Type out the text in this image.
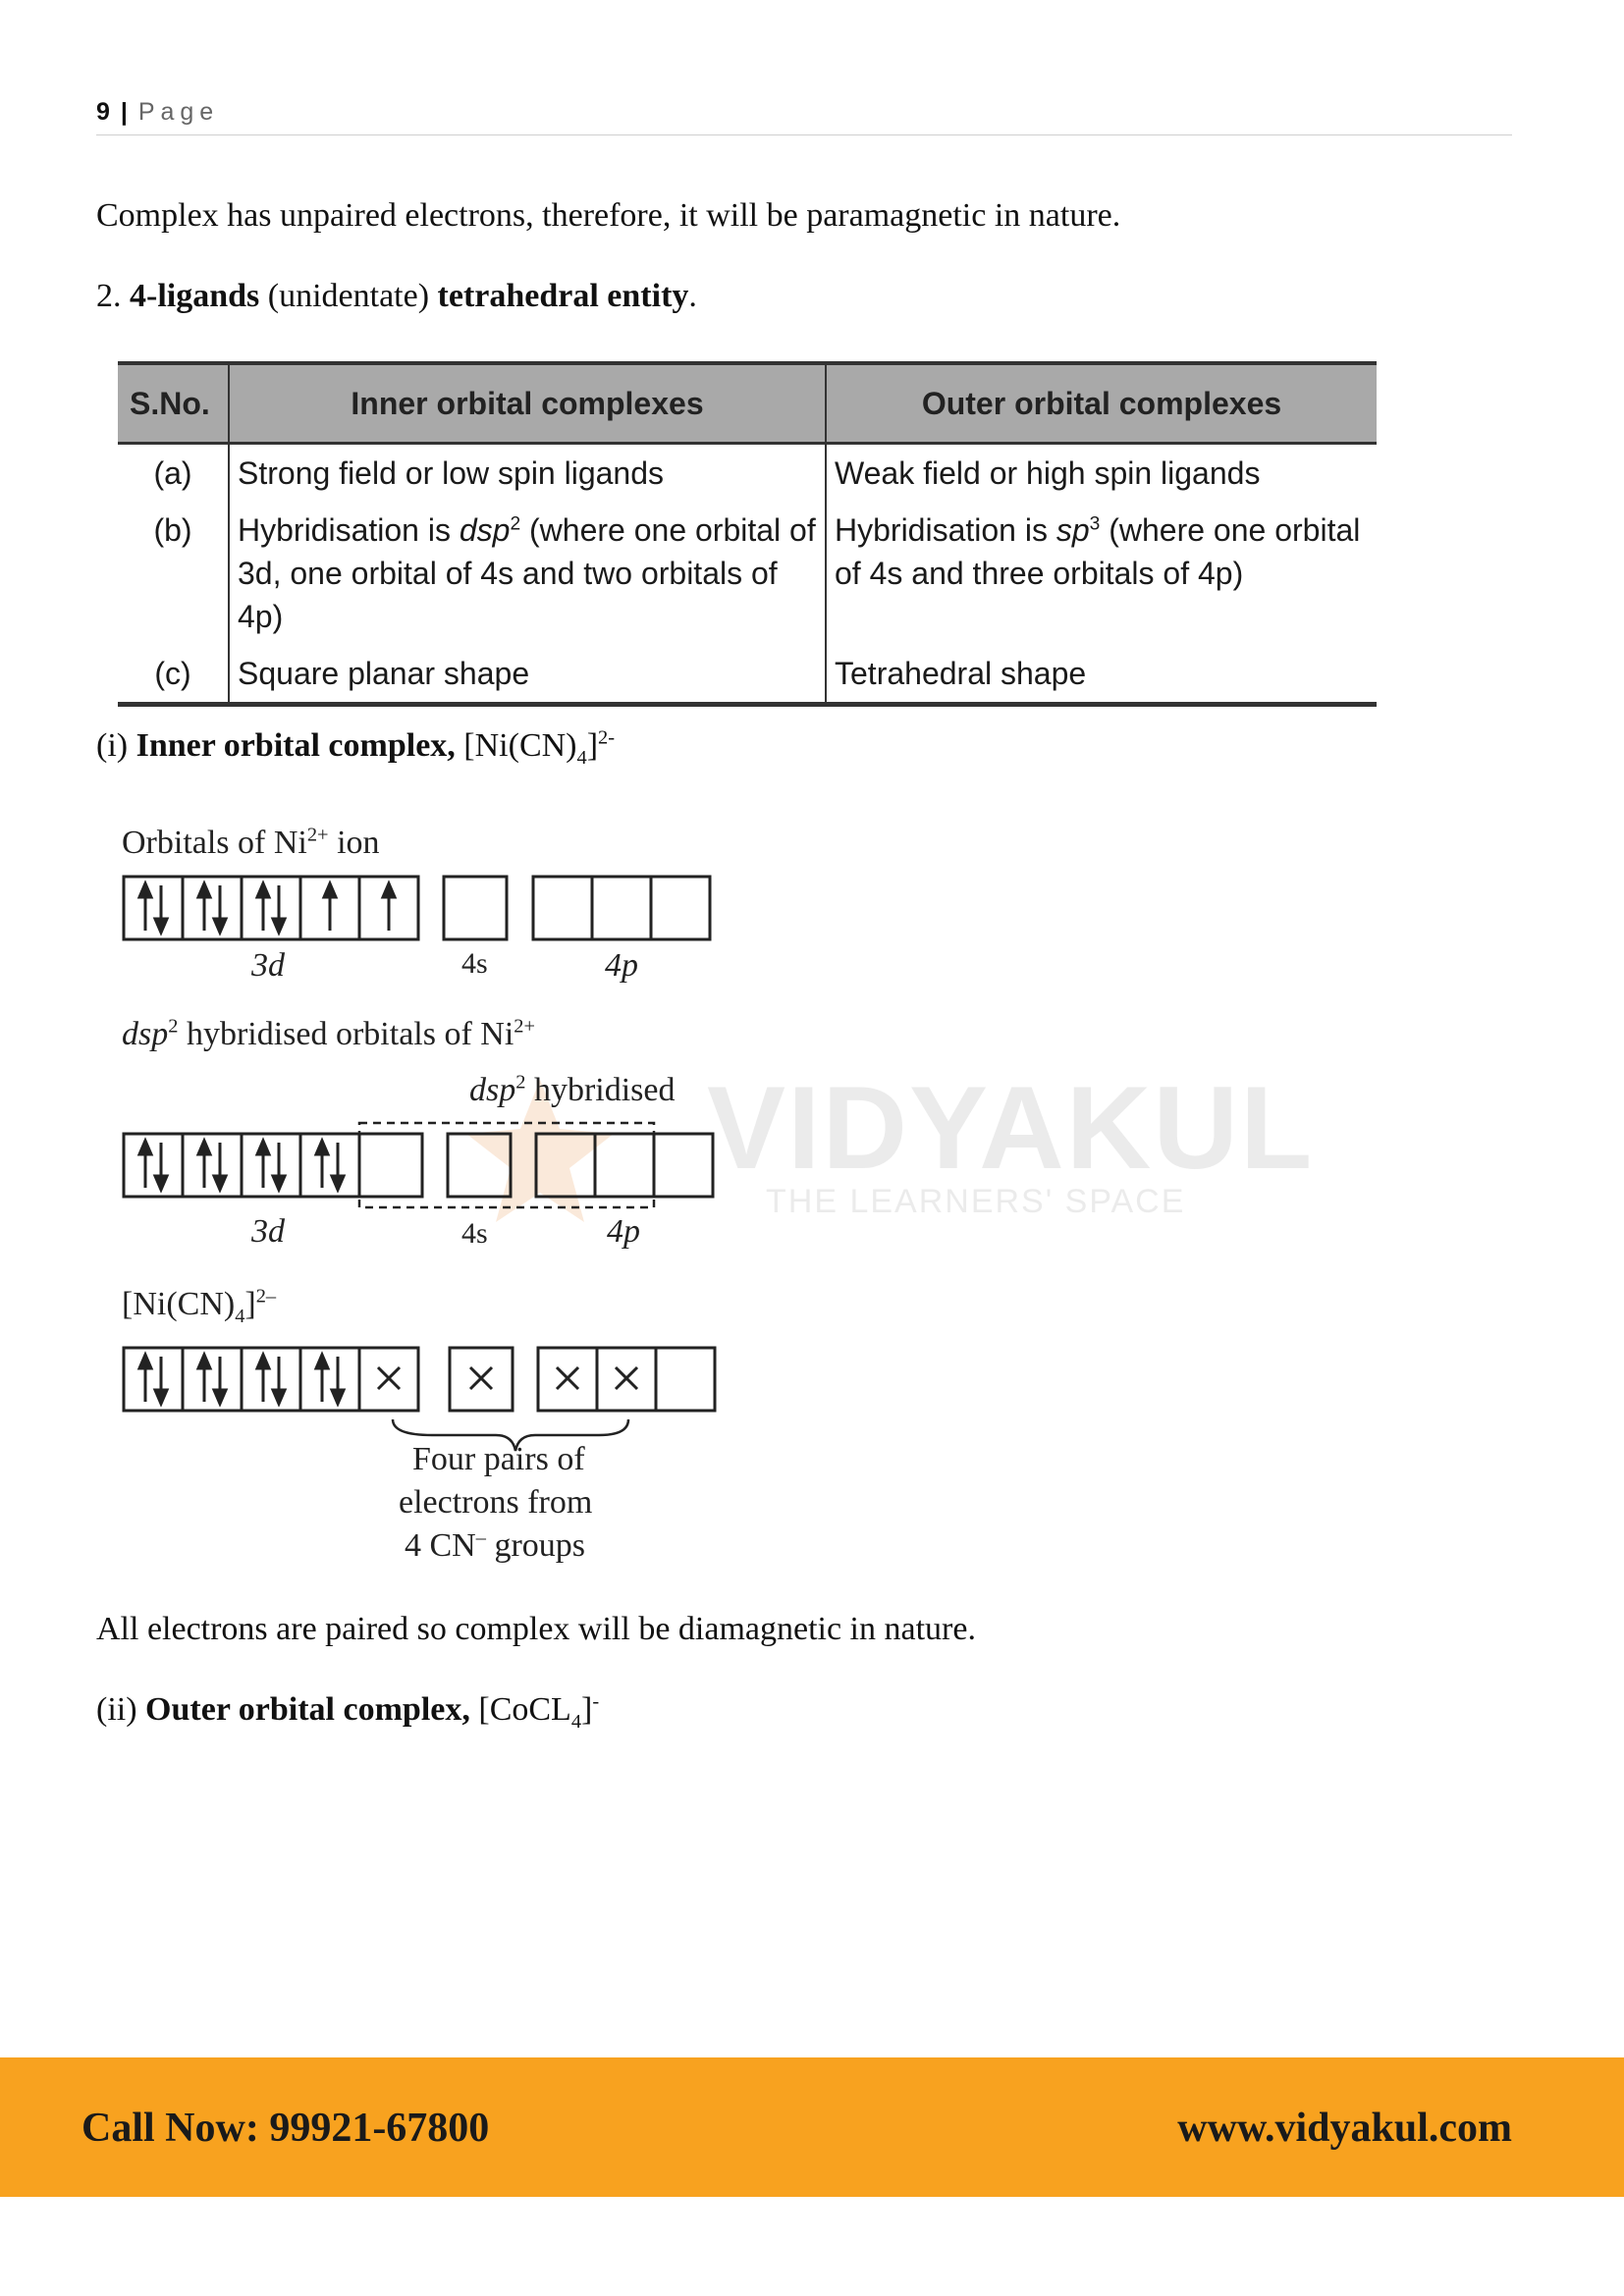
9 | Page
Complex has unpaired electrons, therefore, it will be paramagnetic in nature.
2. 4-ligands (unidentate) tetrahedral entity.
S.No.	Inner orbital complexes	Outer orbital complexes
(a)	Strong field or low spin ligands	Weak field or high spin ligands
(b)	Hybridisation is dsp$^2$ (where one orbital of 3d, one orbital of 4s and two orbitals of 4p)	Hybridisation is $sp^3$ (where one orbital of 4s and three orbitals of 4p)
(c)	Square planar shape	Tetrahedral shape
(i) Inner orbital complex, $[Ni(CN)_4]^{2-}$
VIDYAKUL
THE LEARNERS' SPACE
Orbitals of $Ni^{2+}$ ion
3d	4s	4p
dsp$^2$ hybridised orbitals of $Ni^{2+}$
dsp$^2$ hybridised
3d	4s	4p
$[Ni(CN)_4]^{2-}$
Four pairs of
electrons from
4 CN– groups
All electrons are paired so complex will be diamagnetic in nature.
(ii) Outer orbital complex, [CoCL$_4$]-
Call Now: 99921-67800	www.vidyakul.com
